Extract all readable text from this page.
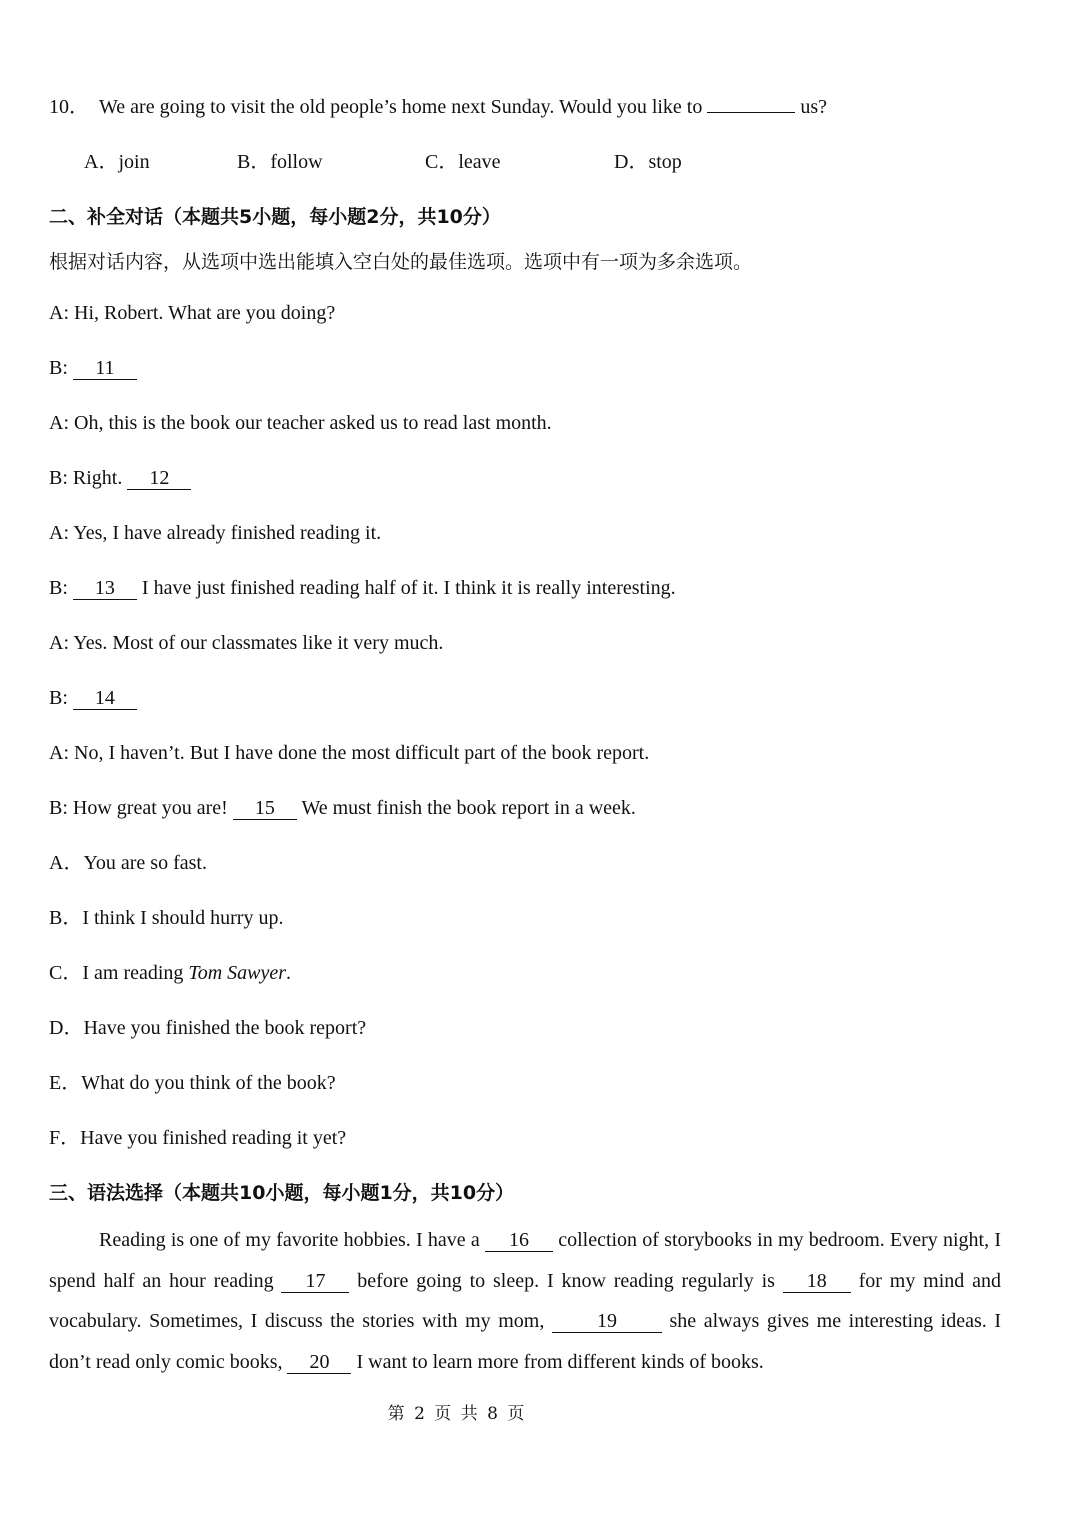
10． We are going to visit the old people’s home next Sunday. Would you like to	us?
A．join	B．follow	C．leave	D．stop
二、补全对话（本题共5小题，每小题2分，共10分）
根据对话内容，从选项中选出能填入空白处的最佳选项。选项中有一项为多余选项。
A: Hi, Robert. What are you doing?
B: 11
A: Oh, this is the book our teacher asked us to read last month.
B: Right. 12
A: Yes, I have already finished reading it.
B: 13 I have just finished reading half of it. I think it is really interesting.
A: Yes. Most of our classmates like it very much.
B: 14
A: No, I haven’t. But I have done the most difficult part of the book report.
B: How great you are! 15 We must finish the book report in a week.
A．You are so fast.
B．I think I should hurry up.
C．I am reading Tom Sawyer.
D．Have you finished the book report?
E．What do you think of the book?
F．Have you finished reading it yet?
三、语法选择（本题共10小题，每小题1分，共10分）
Reading is one of my favorite hobbies. I have a 16 collection of storybooks in my bedroom. Every night, I spend half an hour reading 17 before going to sleep. I know reading regularly is 18 for my mind and vocabulary. Sometimes, I discuss the stories with my mom, 19 she always gives me interesting ideas. I don’t read only comic books, 20 I want to learn more from different kinds of books.
第 2 页 共 8 页
